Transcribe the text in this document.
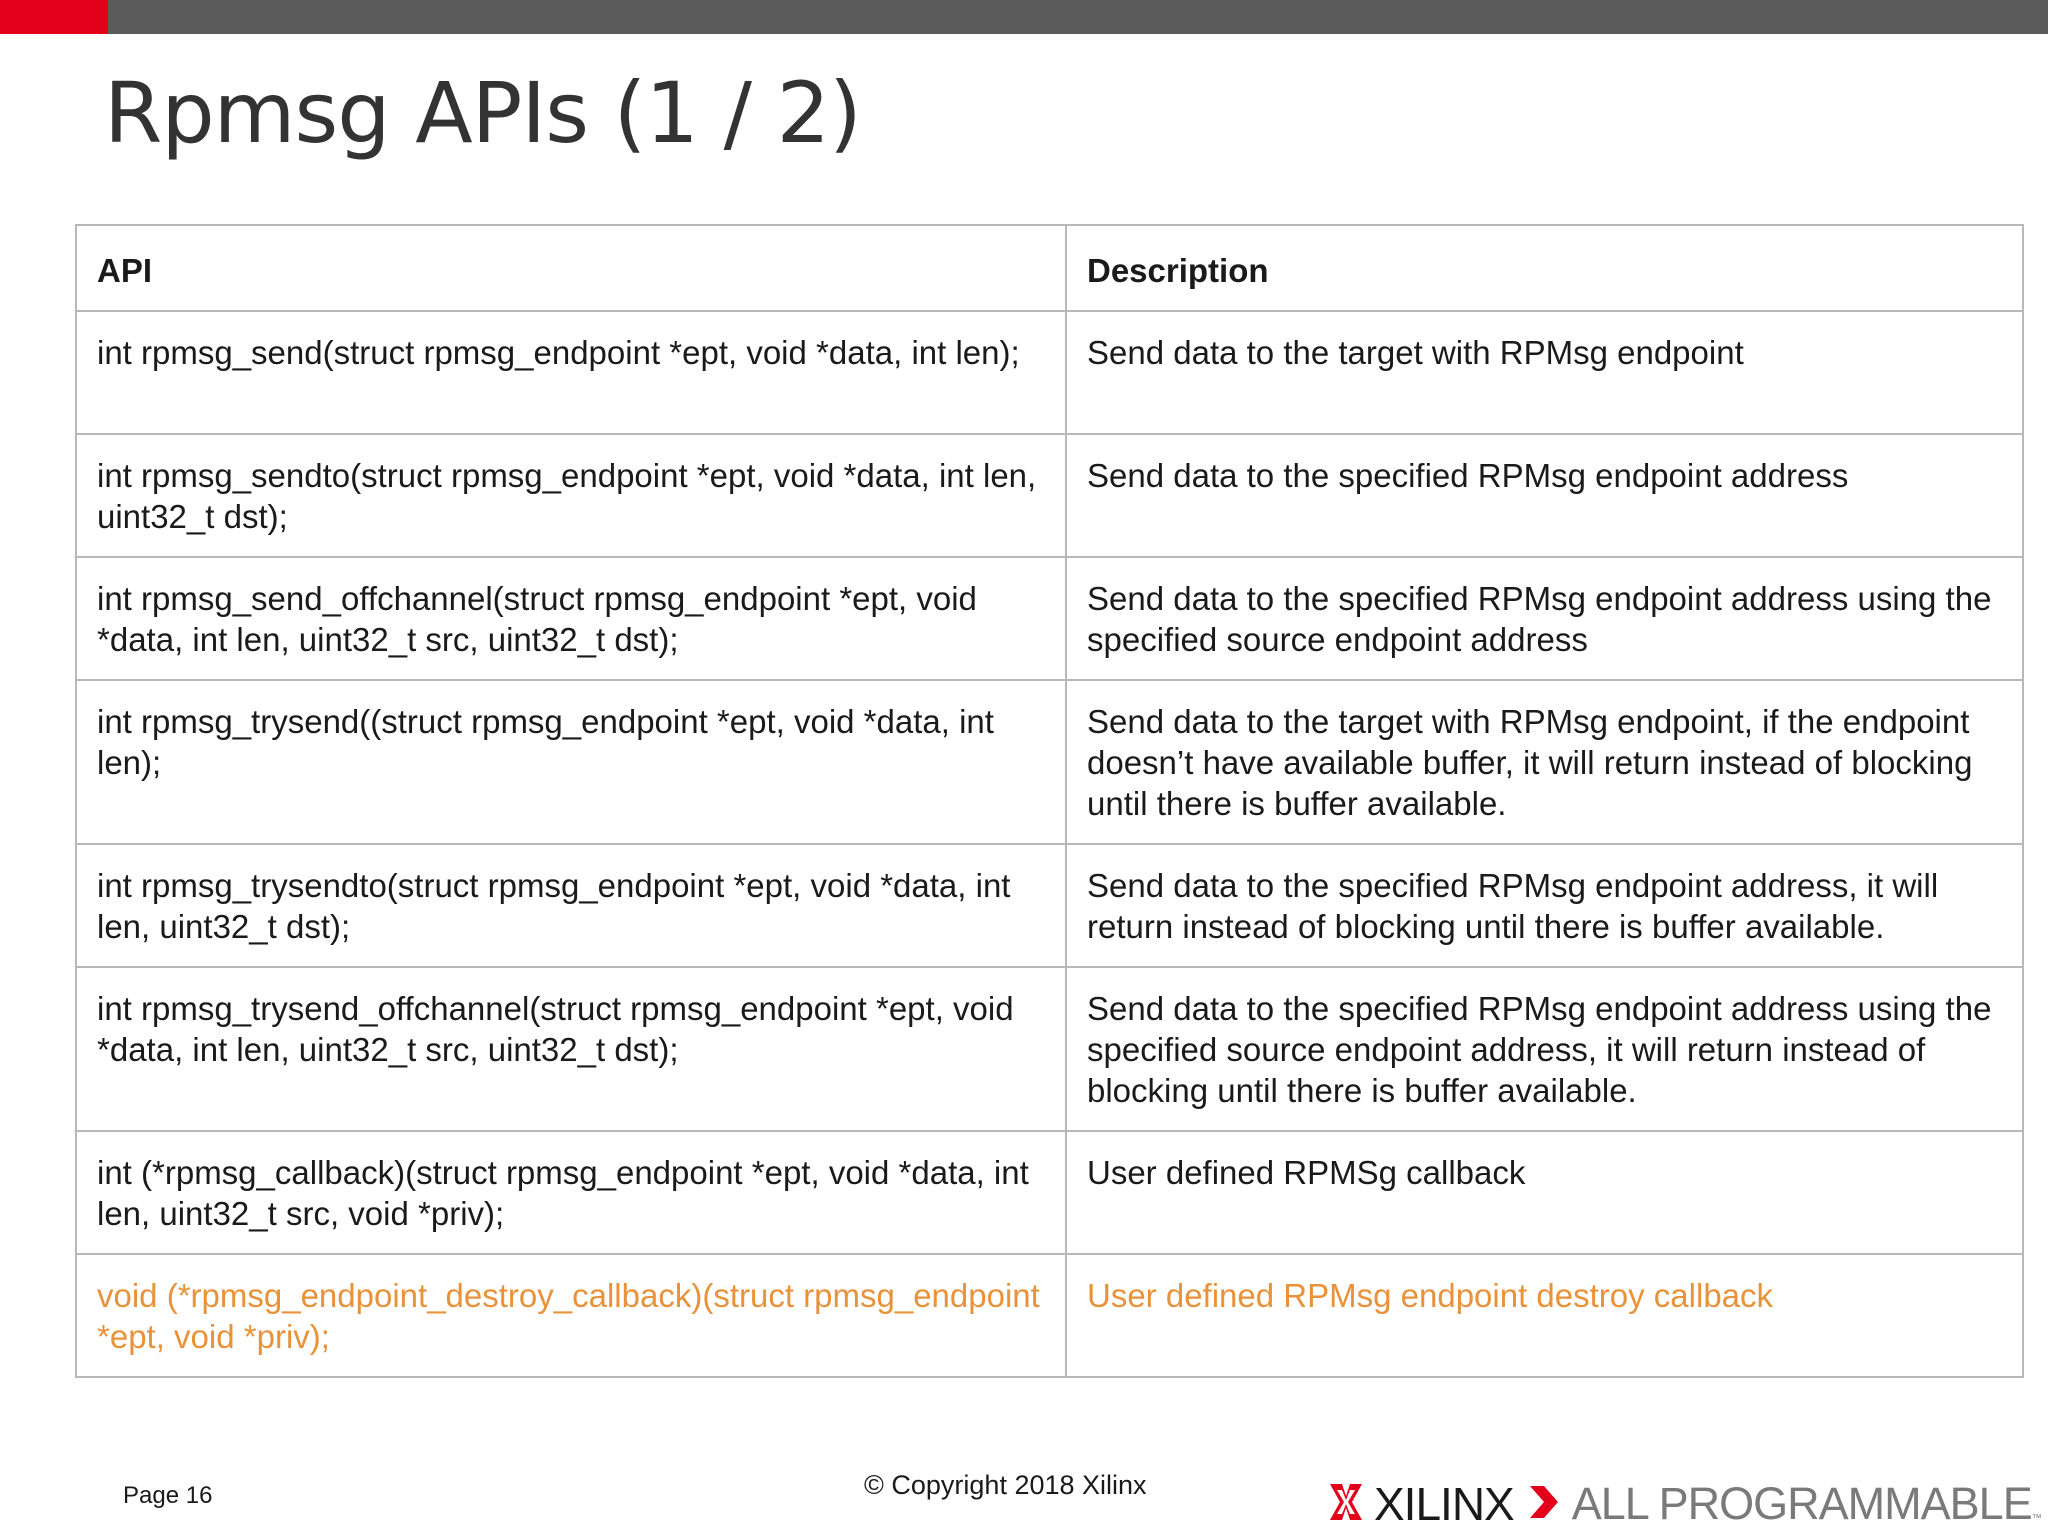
Rpmsg APIs (1 / 2)
API	Description
int rpmsg_send(struct rpmsg_endpoint *ept, void *data, int len);	Send data to the target with RPMsg endpoint
int rpmsg_sendto(struct rpmsg_endpoint *ept, void *data, int len, uint32_t dst);	Send data to the specified RPMsg endpoint address
int rpmsg_send_offchannel(struct rpmsg_endpoint *ept, void *data, int len, uint32_t src, uint32_t dst);	Send data to the specified RPMsg endpoint address using the specified source endpoint address
int rpmsg_trysend((struct rpmsg_endpoint *ept, void *data, int len);	Send data to the target with RPMsg endpoint, if the endpoint doesn’t have available buffer, it will return instead of blocking until there is buffer available.
int rpmsg_trysendto(struct rpmsg_endpoint *ept, void *data, int len, uint32_t dst);	Send data to the specified RPMsg endpoint address, it will return instead of blocking until there is buffer available.
int rpmsg_trysend_offchannel(struct rpmsg_endpoint *ept, void *data, int len, uint32_t src, uint32_t dst);	Send data to the specified RPMsg endpoint address using the specified source endpoint address, it will return instead of blocking until there is buffer available.
int (*rpmsg_callback)(struct rpmsg_endpoint *ept, void *data, int len, uint32_t src, void *priv);	User defined RPMSg callback
void (*rpmsg_endpoint_destroy_callback)(struct rpmsg_endpoint *ept, void *priv);	User defined RPMsg endpoint destroy callback
Page 16	© Copyright 2018 Xilinx	XILINX ALL PROGRAMMABLE ™
